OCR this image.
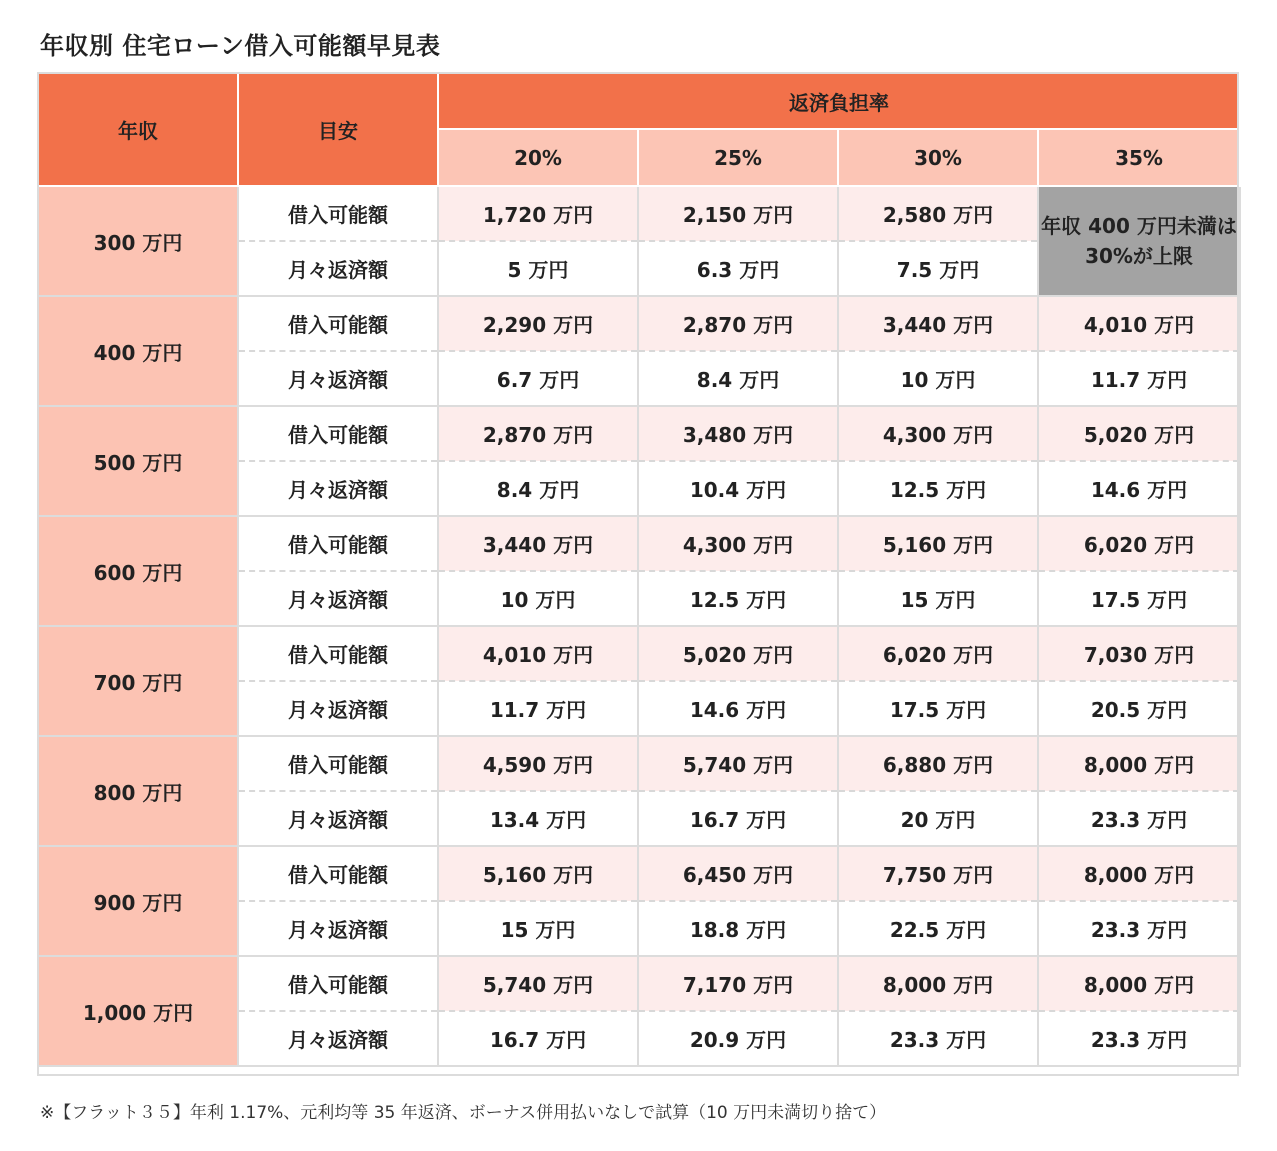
年収別 住宅ローン借入可能額早見表
年収	目安	返済負担率			
		20%	25%	30%	35%
300 万円	借入可能額	1,720 万円	2,150 万円	2,580 万円	年収 400 万円未満は
30%が上限

	月々返済額	5 万円	6.3 万円	7.5 万円	
400 万円	借入可能額	2,290 万円	2,870 万円	3,440 万円	4,010 万円
	月々返済額	6.7 万円	8.4 万円	10 万円	11.7 万円
500 万円	借入可能額	2,870 万円	3,480 万円	4,300 万円	5,020 万円
	月々返済額	8.4 万円	10.4 万円	12.5 万円	14.6 万円
600 万円	借入可能額	3,440 万円	4,300 万円	5,160 万円	6,020 万円
	月々返済額	10 万円	12.5 万円	15 万円	17.5 万円
700 万円	借入可能額	4,010 万円	5,020 万円	6,020 万円	7,030 万円
	月々返済額	11.7 万円	14.6 万円	17.5 万円	20.5 万円
800 万円	借入可能額	4,590 万円	5,740 万円	6,880 万円	8,000 万円
	月々返済額	13.4 万円	16.7 万円	20 万円	23.3 万円
900 万円	借入可能額	5,160 万円	6,450 万円	7,750 万円	8,000 万円
	月々返済額	15 万円	18.8 万円	22.5 万円	23.3 万円
1,000 万円	借入可能額	5,740 万円	7,170 万円	8,000 万円	8,000 万円
	月々返済額	16.7 万円	20.9 万円	23.3 万円	23.3 万円
※【フラット３５】年利 1.17%、元利均等 35 年返済、ボーナス併用払いなしで試算（10 万円未満切り捨て）
